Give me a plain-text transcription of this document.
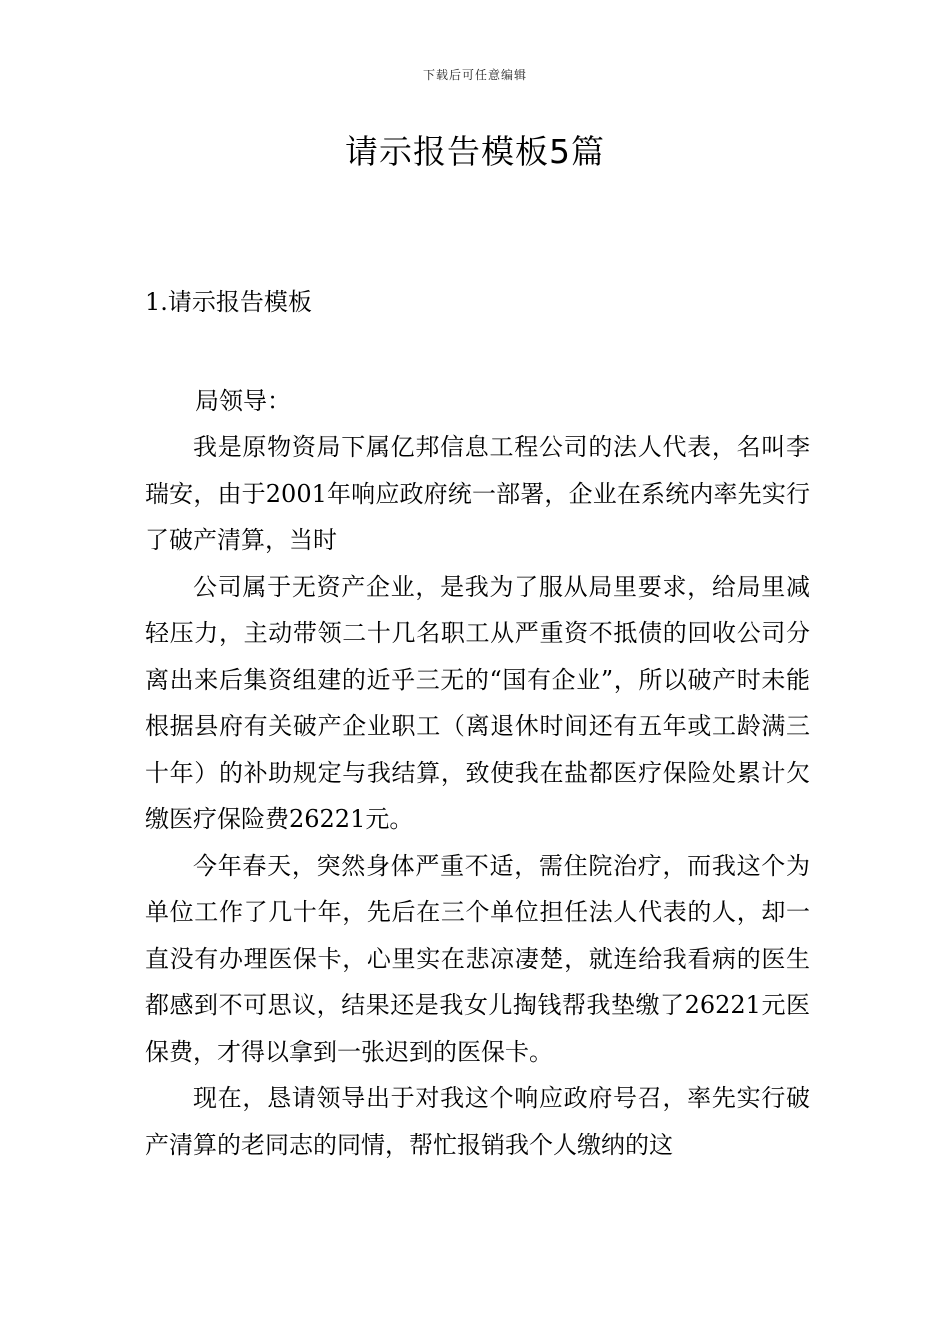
下载后可任意编辑
请示报告模板5篇
1.请示报告模板

局领导：

我是原物资局下属亿邦信息工程公司的法人代表，名叫李瑞安，由于2001年响应政府统一部署，企业在系统内率先实行了破产清算，当时

公司属于无资产企业，是我为了服从局里要求，给局里减轻压力，主动带领二十几名职工从严重资不抵债的回收公司分离出来后集资组建的近乎三无的“国有企业”，所以破产时未能根据县府有关破产企业职工（离退休时间还有五年或工龄满三十年）的补助规定与我结算，致使我在盐都医疗保险处累计欠缴医疗保险费26221元。

今年春天，突然身体严重不适，需住院治疗，而我这个为单位工作了几十年，先后在三个单位担任法人代表的人，却一直没有办理医保卡，心里实在悲凉凄楚，就连给我看病的医生都感到不可思议，结果还是我女儿掏钱帮我垫缴了26221元医保费，才得以拿到一张迟到的医保卡。

现在，恳请领导出于对我这个响应政府号召，率先实行破产清算的老同志的同情，帮忙报销我个人缴纳的这
